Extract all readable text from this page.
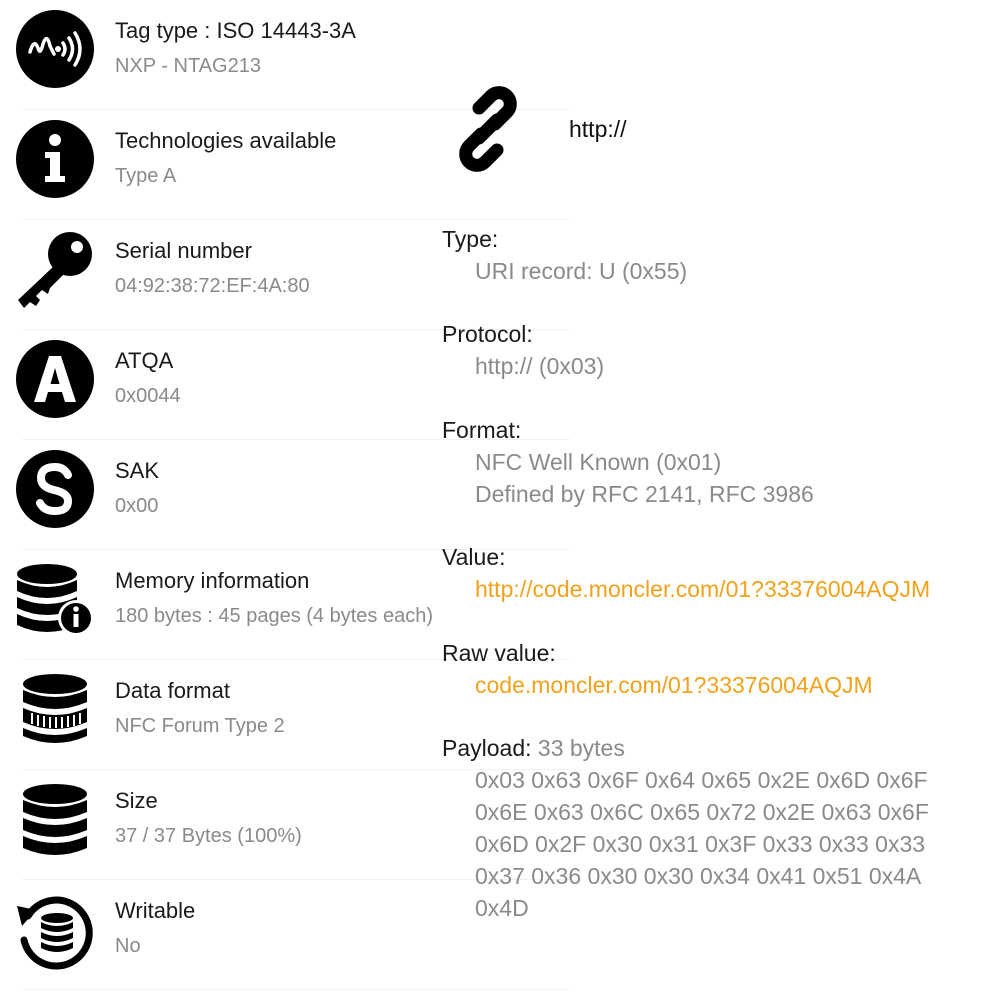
Tag type : ISO 14443-3A
NXP - NTAG213
Technologies available
Type A
Serial number
04:92:38:72:EF:4A:80
ATQA
0x0044
SAK
0x00
Memory information
180 bytes : 45 pages (4 bytes each)
Data format
NFC Forum Type 2
Size
37 / 37 Bytes (100%)
Writable
No
http://
Type:
URI record: U (0x55)
Protocol:
http:// (0x03)
Format:
NFC Well Known (0x01)
Defined by RFC 2141, RFC 3986
Value:
http://code.moncler.com/01?33376004AQJM
Raw value:
code.moncler.com/01?33376004AQJM
Payload: 33 bytes
0x03 0x63 0x6F 0x64 0x65 0x2E 0x6D 0x6F
0x6E 0x63 0x6C 0x65 0x72 0x2E 0x63 0x6F
0x6D 0x2F 0x30 0x31 0x3F 0x33 0x33 0x33
0x37 0x36 0x30 0x30 0x34 0x41 0x51 0x4A
0x4D
